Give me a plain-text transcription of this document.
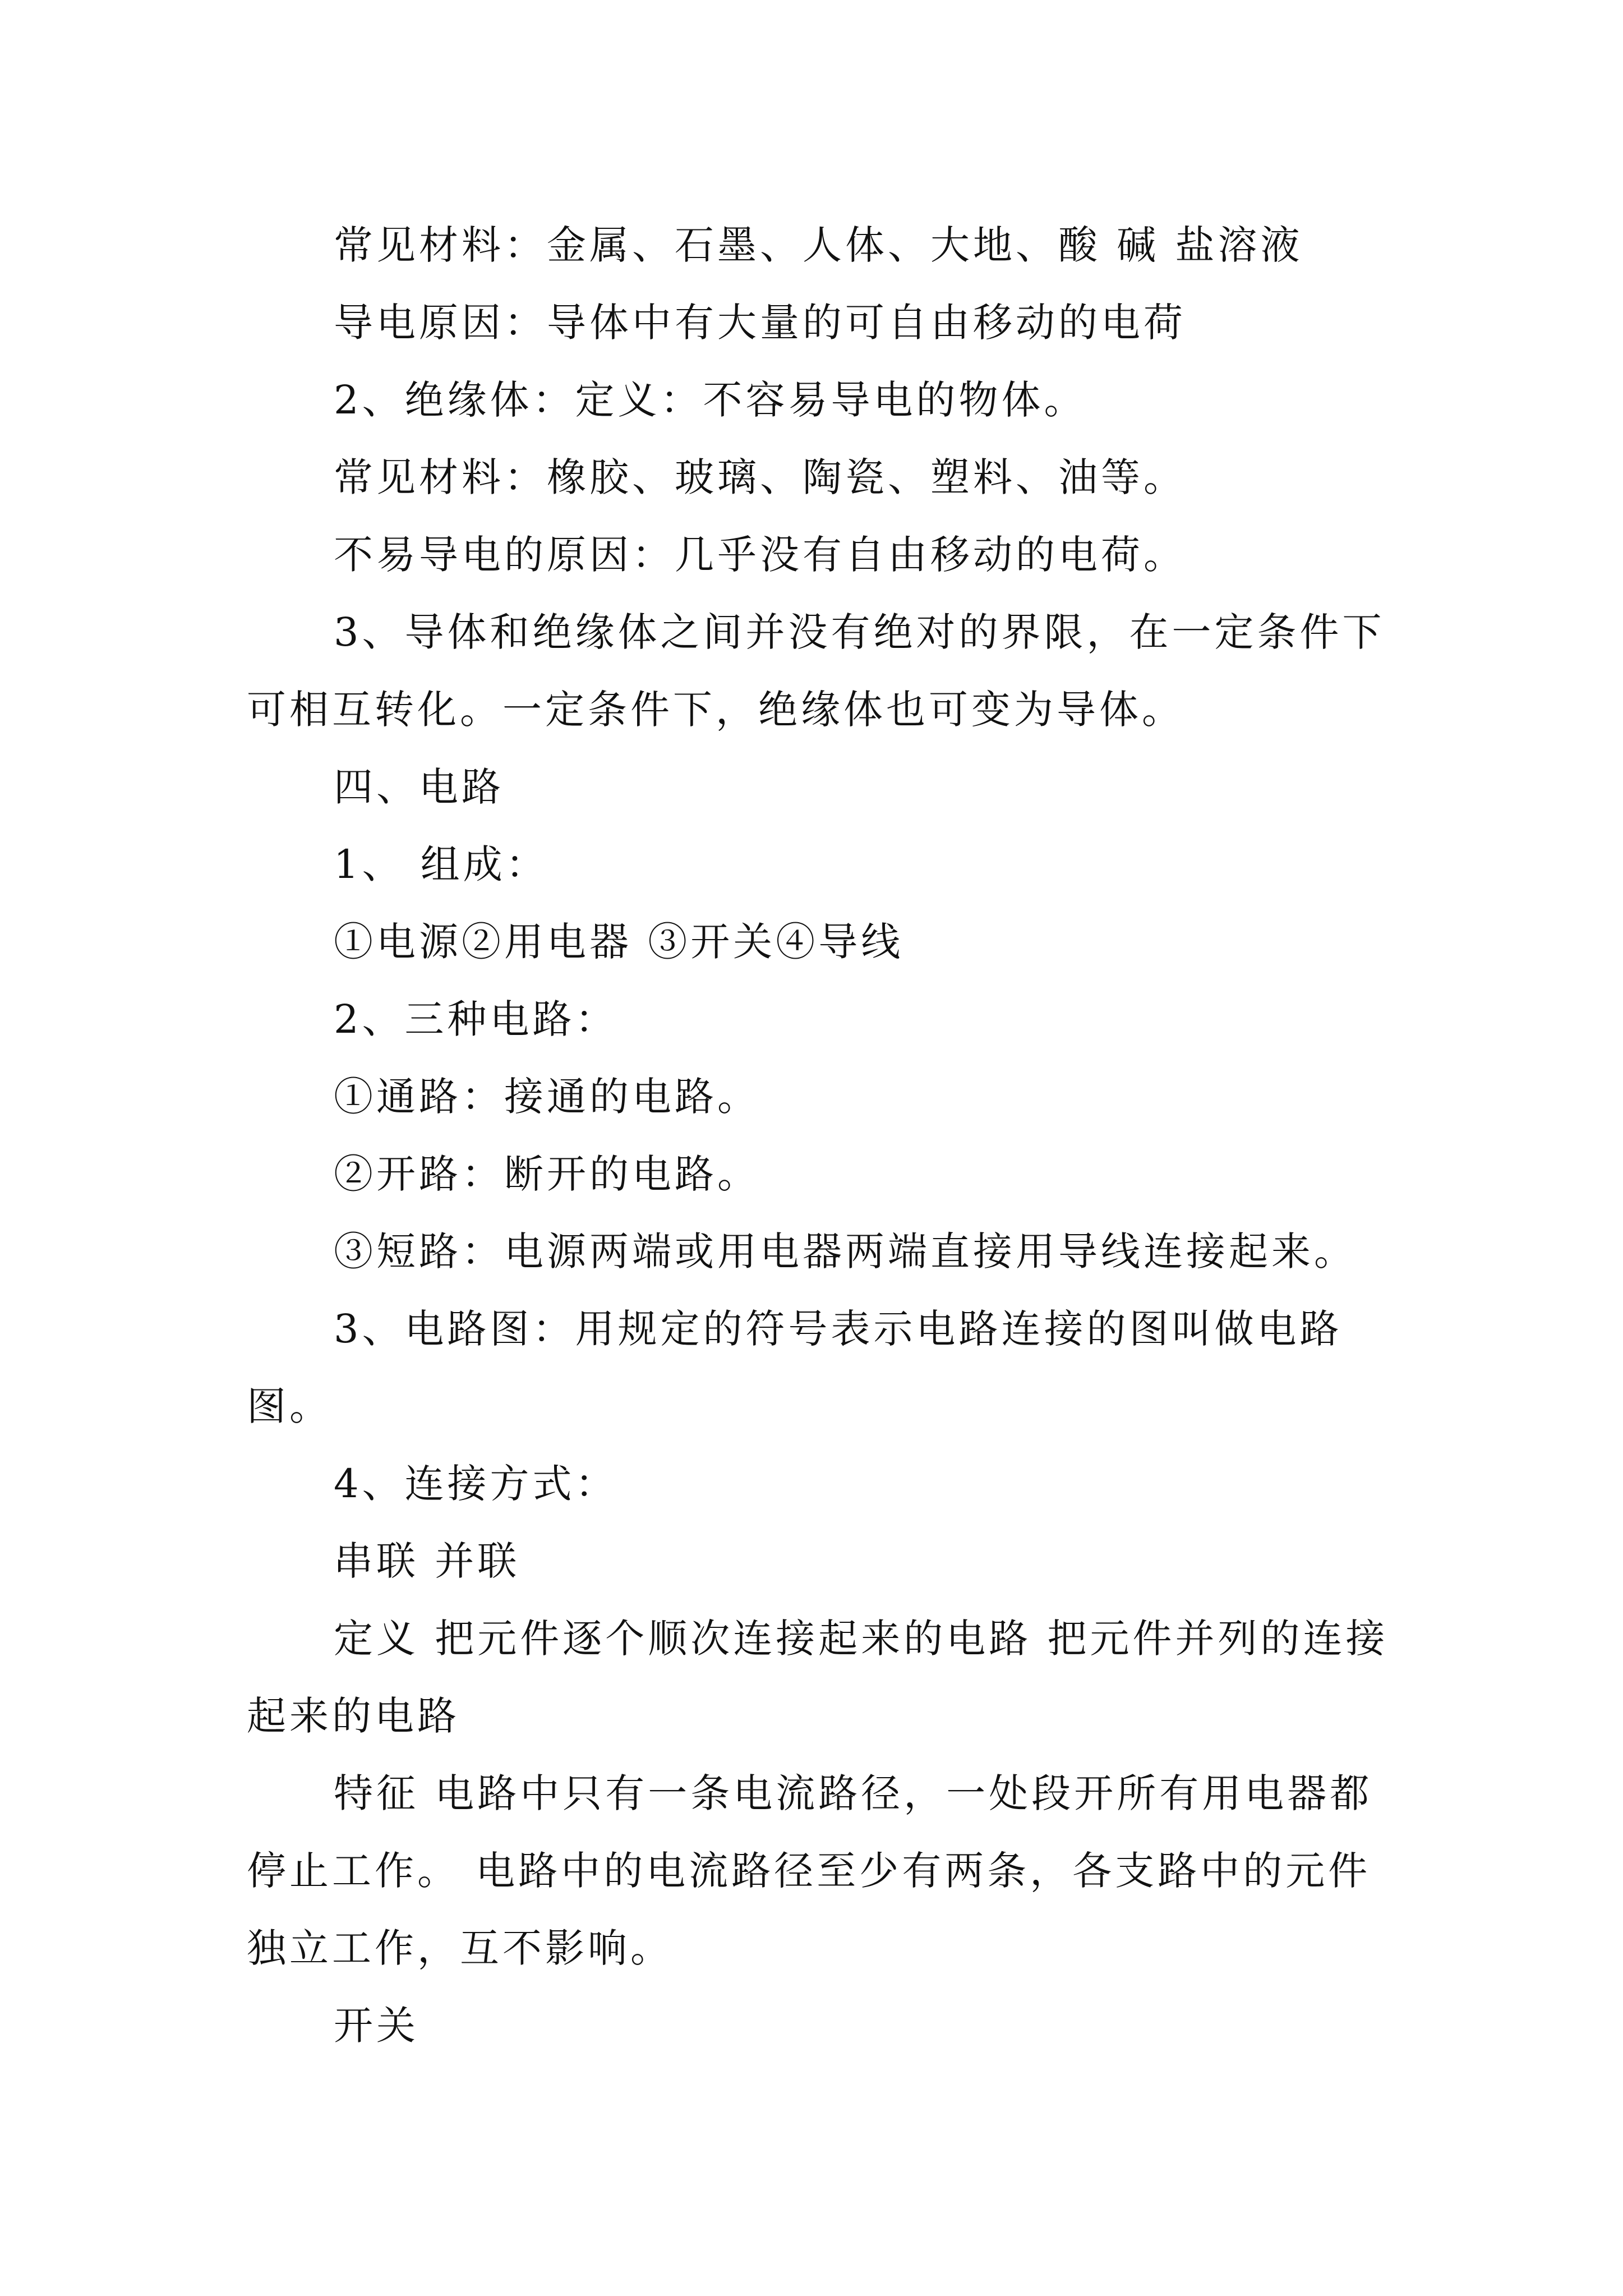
常见材料：金属、石墨、人体、大地、酸 碱 盐溶液

导电原因：导体中有大量的可自由移动的电荷

2、绝缘体：定义：不容易导电的物体。

常见材料：橡胶、玻璃、陶瓷、塑料、油等。

不易导电的原因：几乎没有自由移动的电荷。

3、导体和绝缘体之间并没有绝对的界限，在一定条件下可相互转化。一定条件下，绝缘体也可变为导体。

四、电路

1、 组成：

①电源②用电器 ③开关④导线

2、三种电路：

①通路：接通的电路。

②开路：断开的电路。

③短路：电源两端或用电器两端直接用导线连接起来。

3、电路图：用规定的符号表示电路连接的图叫做电路图。

4、连接方式：

串联 并联

定义 把元件逐个顺次连接起来的电路 把元件并列的连接起来的电路

特征 电路中只有一条电流路径，一处段开所有用电器都停止工作。 电路中的电流路径至少有两条，各支路中的元件独立工作，互不影响。

开关
